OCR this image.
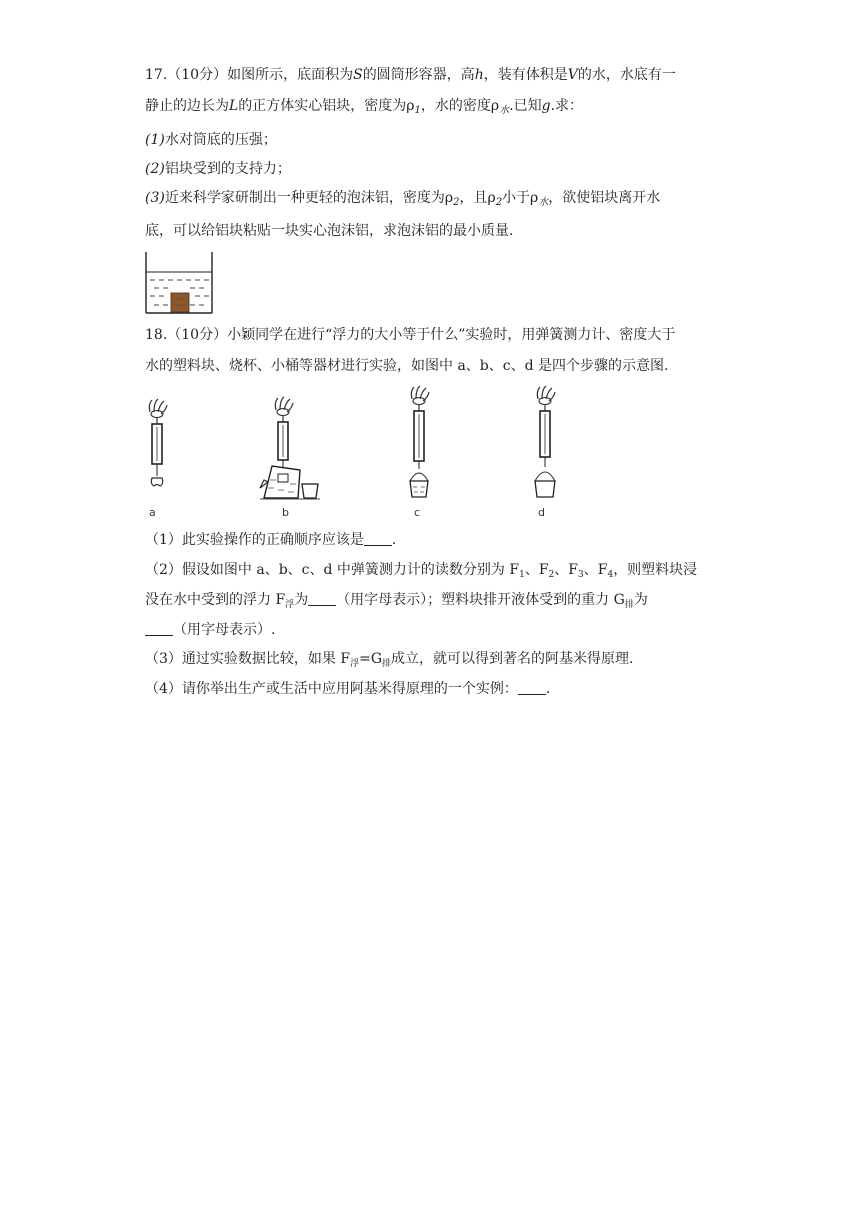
17.（10分）如图所示，底面积为S的圆筒形容器，高h，装有体积是V的水，水底有一
静止的边长为L的正方体实心铝块，密度为$\rho_1$，水的密度$\rho_水$.已知g.求：
(1)水对筒底的压强；
(2)铝块受到的支持力；
(3)近来科学家研制出一种更轻的泡沫铝，密度为$\rho_2$，且$\rho_2$小于$\rho_水$，欲使铝块离开水
底，可以给铝块粘贴一块实心泡沫铝，求泡沫铝的最小质量.
18.（10分）小颖同学在进行“浮力的大小等于什么”实验时，用弹簧测力计、密度大于
水的塑料块、烧杯、小桶等器材进行实验，如图中 a、b、c、d 是四个步骤的示意图.
a	b	c	d
（1）此实验操作的正确顺序应该是 .
（2）假设如图中 a、b、c、d 中弹簧测力计的读数分别为 $F_1$、$F_2$、$F_3$、$F_4$，则塑料块浸
没在水中受到的浮力 $F_浮$为 （用字母表示）；塑料块排开液体受到的重力 $G_排$为
（用字母表示）.
（3）通过实验数据比较，如果 $F_浮=G_排$成立，就可以得到著名的阿基米得原理.
（4）请你举出生产或生活中应用阿基米得原理的一个实例： .
